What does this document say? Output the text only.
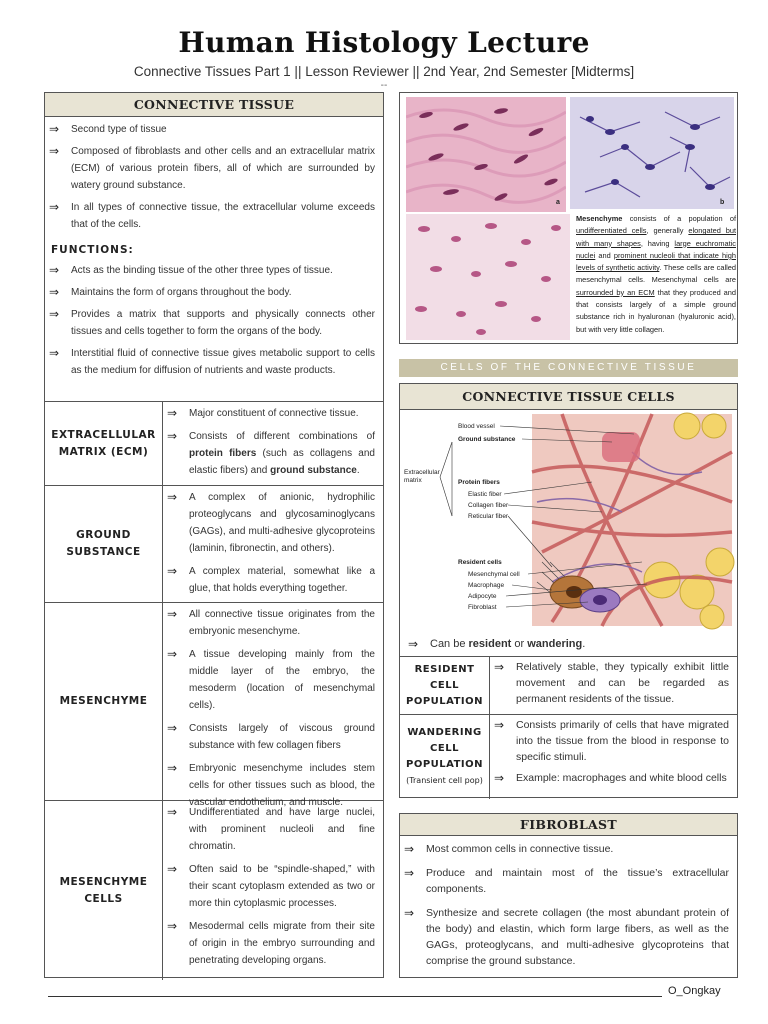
Human Histology Lecture
Connective Tissues Part 1 || Lesson Reviewer || 2nd Year, 2nd Semester [Midterms]
--
CONNECTIVE TISSUE
⇒ Second type of tissue
⇒ Composed of fibroblasts and other cells and an extracellular matrix (ECM) of various protein fibers, all of which are surrounded by watery ground substance.
⇒ In all types of connective tissue, the extracellular volume exceeds that of the cells.
FUNCTIONS:
⇒ Acts as the binding tissue of the other three types of tissue.
⇒ Maintains the form of organs throughout the body.
⇒ Provides a matrix that supports and physically connects other tissues and cells together to form the organs of the body.
⇒ Interstitial fluid of connective tissue gives metabolic support to cells as the medium for diffusion of nutrients and waste products.
EXTRACELLULAR MATRIX (ECM)
⇒ Major constituent of connective tissue.
⇒ Consists of different combinations of protein fibers (such as collagens and elastic fibers) and ground substance.
GROUND SUBSTANCE
⇒ A complex of anionic, hydrophilic proteoglycans and glycosaminoglycans (GAGs), and multi-adhesive glycoproteins (laminin, fibronectin, and others).
⇒ A complex material, somewhat like a glue, that holds everything together.
MESENCHYME
⇒ All connective tissue originates from the embryonic mesenchyme.
⇒ A tissue developing mainly from the middle layer of the embryo, the mesoderm (location of mesenchymal cells).
⇒ Consists largely of viscous ground substance with few collagen fibers
⇒ Embryonic mesenchyme includes stem cells for other tissues such as blood, the vascular endothelium, and muscle.
MESENCHYME CELLS
⇒ Undifferentiated and have large nuclei, with prominent nucleoli and fine chromatin.
⇒ Often said to be “spindle-shaped,” with their scant cytoplasm extended as two or more thin cytoplasmic processes.
⇒ Mesodermal cells migrate from their site of origin in the embryo surrounding and penetrating developing organs.
a	b
Mesenchyme consists of a population of undifferentiated cells, generally elongated but with many shapes, having large euchromatic nuclei and prominent nucleoli that indicate high levels of synthetic activity. These cells are called mesenchymal cells. Mesenchymal cells are surrounded by an ECM that they produced and that consists largely of a simple ground substance rich in hyaluronan (hyaluronic acid), but with very little collagen.
CELLS OF THE CONNECTIVE TISSUE
CONNECTIVE TISSUE CELLS
Blood vessel
Ground substance
Extracellular
matrix	Protein fibers
Elastic fiber
Collagen fiber
Reticular fiber
Resident cells
Mesenchymal cell
Macrophage
Adipocyte
Fibroblast
⇒ Can be resident or wandering.
RESIDENT CELL POPULATION
⇒ Relatively stable, they typically exhibit little movement and can be regarded as permanent residents of the tissue.
WANDERING CELL POPULATION
(Transient cell pop)
⇒ Consists primarily of cells that have migrated into the tissue from the blood in response to specific stimuli.
⇒ Example: macrophages and white blood cells
FIBROBLAST
⇒ Most common cells in connective tissue.
⇒ Produce and maintain most of the tissue’s extracellular components.
⇒ Synthesize and secrete collagen (the most abundant protein of the body) and elastin, which form large fibers, as well as the GAGs, proteoglycans, and multi-adhesive glycoproteins that comprise the ground substance.
O_Ongkay
